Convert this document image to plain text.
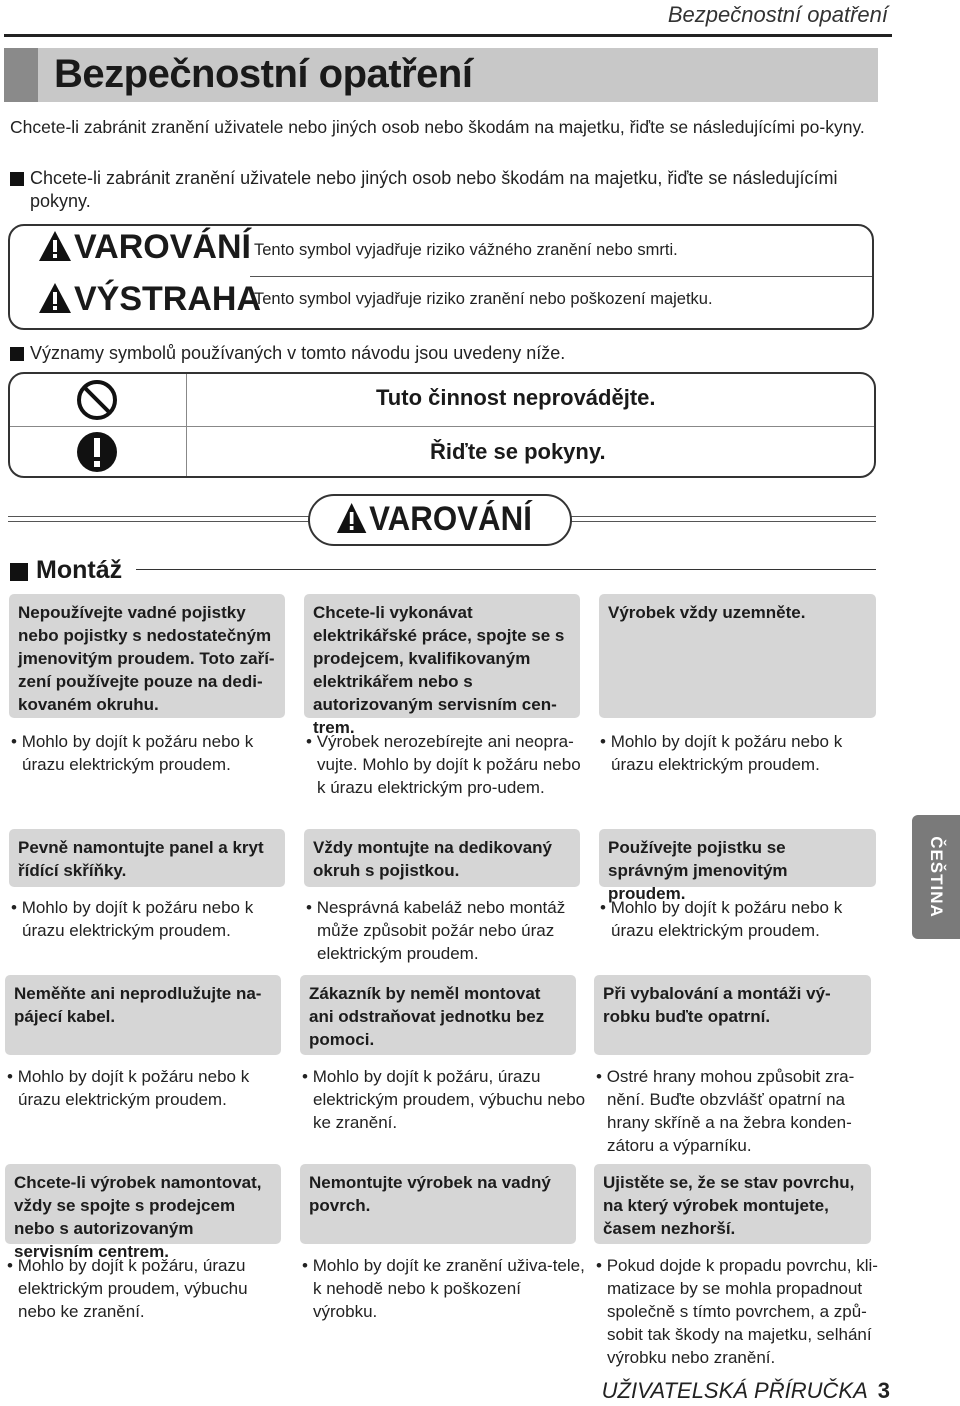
Bezpečnostní opatření
Bezpečnostní opatření
Chcete-li zabránit zranění uživatele nebo jiných osob nebo škodám na majetku, řiďte se následujícími po-kyny.
Chcete-li zabránit zranění uživatele nebo jiných osob nebo škodám na majetku, řiďte se následujícími pokyny.
VAROVÁNÍ Tento symbol vyjadřuje riziko vážného zranění nebo smrti.
VÝSTRAHA
Tento symbol vyjadřuje riziko zranění nebo poškození majetku.
Významy symbolů používaných v tomto návodu jsou uvedeny níže.
Tuto činnost neprovádějte.
Řiďte se pokyny.
VAROVÁNÍ
Montáž
Nepoužívejte vadné pojistky nebo pojistky s nedostatečným jmenovitým proudem. Toto zaří-zení používejte pouze na dedi-kovaném okruhu.
Chcete-li vykonávat elektrikářské práce, spojte se s prodejcem, kvalifikovaným elektrikářem nebo s autorizovaným servisním cen-trem.
Výrobek vždy uzemněte.
• Mohlo by dojít k požáru nebo k úrazu elektrickým proudem.
• Výrobek nerozebírejte ani neopra-vujte. Mohlo by dojít k požáru nebo k úrazu elektrickým pro-udem.
• Mohlo by dojít k požáru nebo k úrazu elektrickým proudem.
Pevně namontujte panel a kryt řídící skříňky.
Vždy montujte na dedikovaný okruh s pojistkou.
Používejte pojistku se správným jmenovitým proudem.
• Mohlo by dojít k požáru nebo k úrazu elektrickým proudem.
• Nesprávná kabeláž nebo montáž může způsobit požár nebo úraz elektrickým proudem.
• Mohlo by dojít k požáru nebo k úrazu elektrickým proudem.
Neměňte ani neprodlužujte na-pájecí kabel.
Zákazník by neměl montovat ani odstraňovat jednotku bez pomoci.
Při vybalování a montáži vý-robku buďte opatrní.
• Mohlo by dojít k požáru nebo k úrazu elektrickým proudem.
• Mohlo by dojít k požáru, úrazu elektrickým proudem, výbuchu nebo ke zranění.
• Ostré hrany mohou způsobit zra-nění. Buďte obzvlášť opatrní na hrany skříně a na žebra konden-zátoru a výparníku.
Chcete-li výrobek namontovat, vždy se spojte s prodejcem nebo s autorizovaným servisním centrem.
Nemontujte výrobek na vadný povrch.
Ujistěte se, že se stav povrchu, na který výrobek montujete, časem nezhorší.
• Mohlo by dojít k požáru, úrazu elektrickým proudem, výbuchu nebo ke zranění.
• Mohlo by dojít ke zranění uživa-tele, k nehodě nebo k poškození výrobku.
• Pokud dojde k propadu povrchu, kli-matizace by se mohla propadnout společně s tímto povrchem, a způ-sobit tak škody na majetku, selhání výrobku nebo zranění.
ČEŠTINA
UŽIVATELSKÁ PŘÍRUČKA 3
